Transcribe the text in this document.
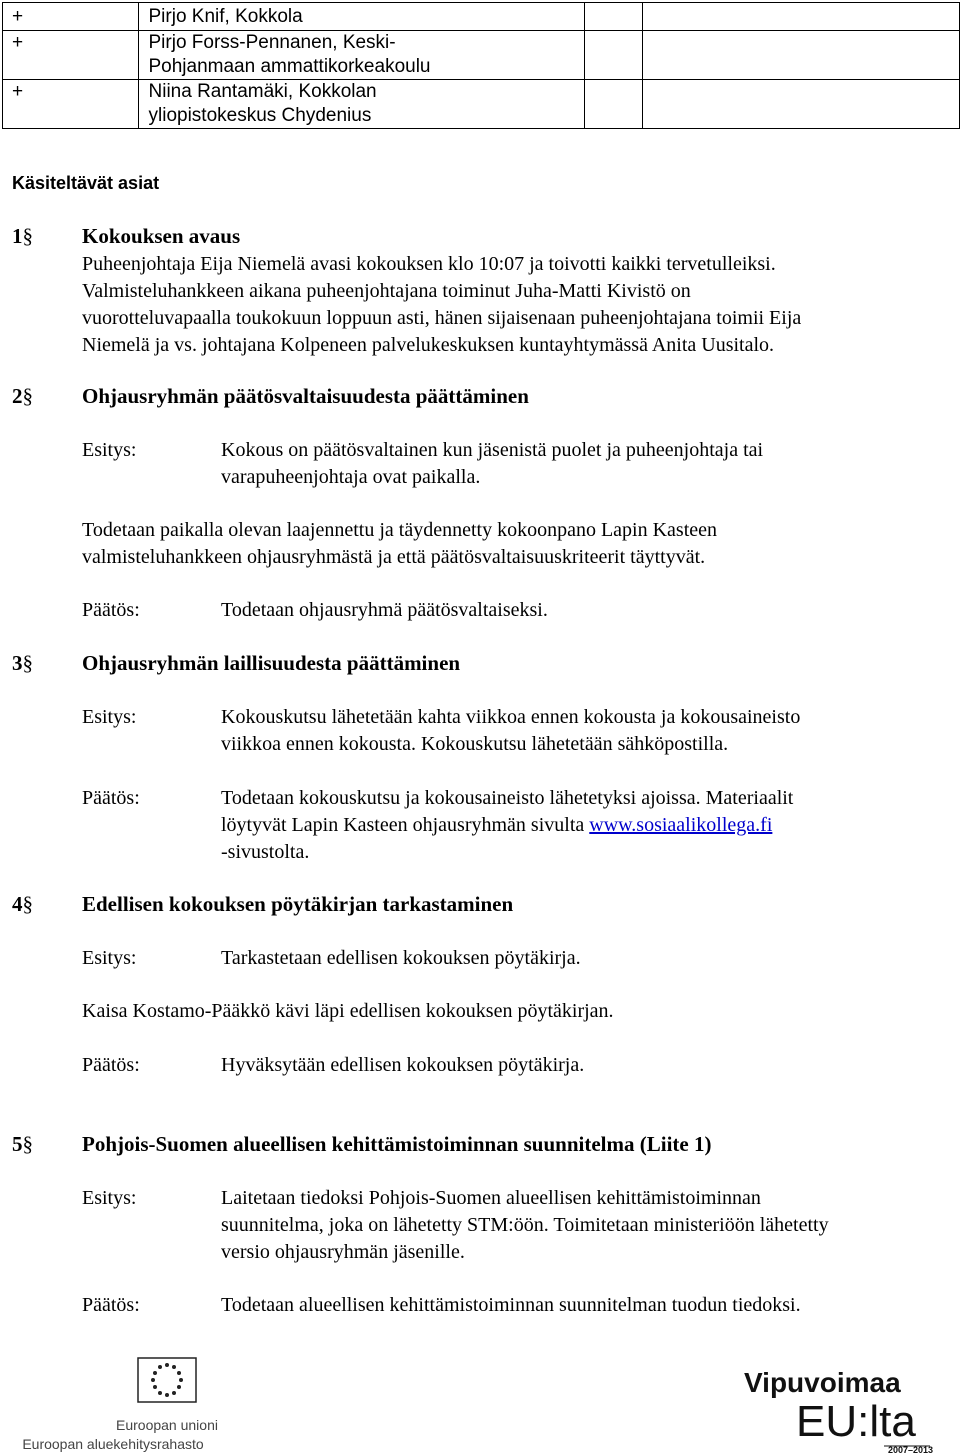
+	Pirjo Knif, Kokkola		
+	Pirjo Forss-Pennanen, Keski-
Pohjanmaan ammattikorkeakoulu		
+	Niina Rantamäki, Kokkolan
yliopistokeskus Chydenius		
Käsiteltävät asiat
1§ Kokouksen avaus
Puheenjohtaja Eija Niemelä avasi kokouksen klo 10:07 ja toivotti kaikki tervetulleiksi.
Valmisteluhankkeen aikana puheenjohtajana toiminut Juha-Matti Kivistö on
vuorotteluvapaalla toukokuun loppuun asti, hänen sijaisenaan puheenjohtajana toimii Eija
Niemelä ja vs. johtajana Kolpeneen palvelukeskuksen kuntayhtymässä Anita Uusitalo.
2§ Ohjausryhmän päätösvaltaisuudesta päättäminen
Esitys:	Kokous on päätösvaltainen kun jäsenistä puolet ja puheenjohtaja tai
varapuheenjohtaja ovat paikalla.
Todetaan paikalla olevan laajennettu ja täydennetty kokoonpano Lapin Kasteen
valmisteluhankkeen ohjausryhmästä ja että päätösvaltaisuuskriteerit täyttyvät.
Päätös:	Todetaan ohjausryhmä päätösvaltaiseksi.
3§ Ohjausryhmän laillisuudesta päättäminen
Esitys:	Kokouskutsu lähetetään kahta viikkoa ennen kokousta ja kokousaineisto
viikkoa ennen kokousta. Kokouskutsu lähetetään sähköpostilla.
Päätös:	Todetaan kokouskutsu ja kokousaineisto lähetetyksi ajoissa. Materiaalit
löytyvät Lapin Kasteen ohjausryhmän sivulta www.sosiaalikollega.fi
-sivustolta.
4§ Edellisen kokouksen pöytäkirjan tarkastaminen
Esitys:	Tarkastetaan edellisen kokouksen pöytäkirja.
Kaisa Kostamo-Pääkkö kävi läpi edellisen kokouksen pöytäkirjan.
Päätös:	Hyväksytään edellisen kokouksen pöytäkirja.
5§ Pohjois-Suomen alueellisen kehittämistoiminnan suunnitelma (Liite 1)
Esitys:	Laitetaan tiedoksi Pohjois-Suomen alueellisen kehittämistoiminnan
suunnitelma, joka on lähetetty STM:öön. Toimitetaan ministeriöön lähetetty
versio ohjausryhmän jäsenille.
Päätös:	Todetaan alueellisen kehittämistoiminnan suunnitelman tuodun tiedoksi.
Euroopan unioni
Euroopan aluekehitysrahasto
Vipuvoimaa
EU:lta
2007–2013
